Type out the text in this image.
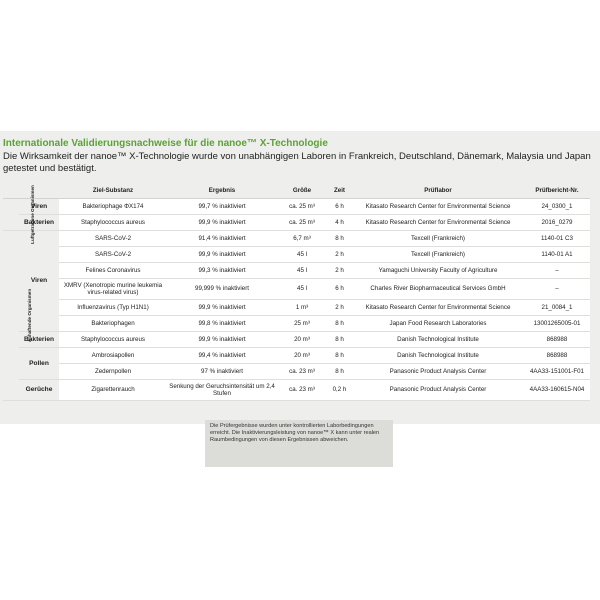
Internationale Validierungsnachweise für die nanoe™ X-Technologie
Die Wirksamkeit der nanoe™ X-Technologie wurde von unabhängigen Laboren in Frankreich, Deutschland, Dänemark, Malaysia und Japan getestet und bestätigt.
		Ziel-Substanz	Ergebnis	Größe	Zeit	Prüflabor	Prüfbericht-Nr.
Luftgetragene Organismen	Viren	Bakteriophage ΦX174	99,7 % inaktiviert	ca. 25 m³	6 h	Kitasato Research Center for Environmental Science	24_0300_1
	Bakterien	Staphylococcus aureus	99,9 % inaktiviert	ca. 25 m³	4 h	Kitasato Research Center for Environmental Science	2016_0279
Anhaftende Organismen	Viren	SARS-CoV-2	91,4 % inaktiviert	6,7 m³	8 h	Texcell (Frankreich)	1140-01 C3
		SARS-CoV-2	99,9 % inaktiviert	45 l	2 h	Texcell (Frankreich)	1140-01 A1
		Felines Coronavirus	99,3 % inaktiviert	45 l	2 h	Yamaguchi University Faculty of Agriculture	–
		XMRV (Xenotropic murine leukemia virus-related virus)	99,999 % inaktiviert	45 l	6 h	Charles River Biopharmaceutical Services GmbH	–
		Influenzavirus (Typ H1N1)	99,9 % inaktiviert	1 m³	2 h	Kitasato Research Center for Environmental Science	21_0084_1
		Bakteriophagen	99,8 % inaktiviert	25 m³	8 h	Japan Food Research Laboratories	13001265005-01
	Bakterien	Staphylococcus aureus	99,9 % inaktiviert	20 m³	8 h	Danish Technological Institute	868988
	Pollen	Ambrosiapollen	99,4 % inaktiviert	20 m³	8 h	Danish Technological Institute	868988
		Zedernpollen	97 % inaktiviert	ca. 23 m³	8 h	Panasonic Product Analysis Center	4AA33-151001-F01
	Gerüche	Zigarettenrauch	Senkung der Geruchsintensität um 2,4 Stufen	ca. 23 m³	0,2 h	Panasonic Product Analysis Center	4AA33-160615-N04
Die Prüfergebnisse wurden unter kontrollierten Laborbedingungen erreicht. Die Inaktivierungsleistung von nanoe™ X kann unter realen Raumbedingungen von diesen Ergebnissen abweichen.
